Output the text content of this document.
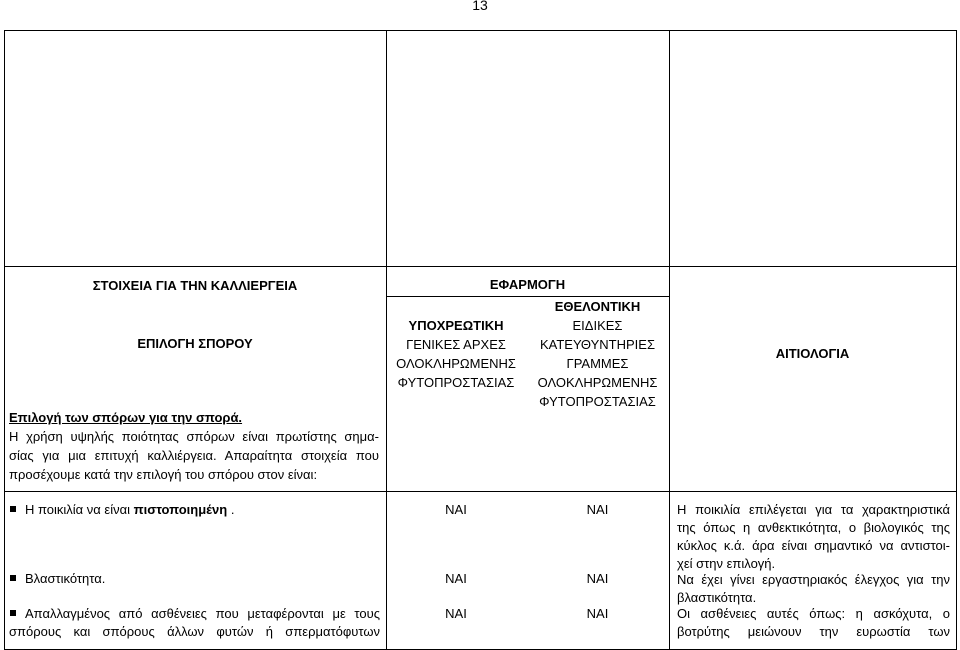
13
ΣΤΟΙΧΕΙΑ ΓΙΑ ΤΗΝ ΚΑΛΛΙΕΡΓΕΙΑ
ΕΠΙΛΟΓΗ ΣΠΟΡΟΥ
Επιλογή των σπόρων για την σπορά.
Η χρήση υψηλής ποιότητας σπόρων είναι πρωτίστης σημα-
σίας για μια επιτυχή καλλιέργεια. Απαραίτητα στοιχεία που
προσέχουμε κατά την επιλογή του σπόρου στον είναι:
ΕΦΑΡΜΟΓΗ
ΥΠΟΧΡΕΩΤΙΚΗ
ΓΕΝΙΚΕΣ ΑΡΧΕΣ
ΟΛΟΚΛΗΡΩΜΕΝΗΣ
ΦΥΤΟΠΡΟΣΤΑΣΙΑΣ
ΕΘΕΛΟΝΤΙΚΗ
ΕΙΔΙΚΕΣ
ΚΑΤΕΥΘΥΝΤΗΡΙΕΣ
ΓΡΑΜΜΕΣ
ΟΛΟΚΛΗΡΩΜΕΝΗΣ
ΦΥΤΟΠΡΟΣΤΑΣΙΑΣ
ΑΙΤΙΟΛΟΓΙΑ
Η ποικιλία να είναι πιστοποιημένη .	ΝΑΙ	ΝΑΙ	Η ποικιλία επιλέγεται για τα χαρακτηριστικά
της όπως η ανθεκτικότητα, ο βιολογικός της
κύκλος κ.ά. άρα είναι σημαντικό να αντιστοι-
χεί στην επιλογή.
Βλαστικότητα.	ΝΑΙ	ΝΑΙ	Να έχει γίνει εργαστηριακός έλεγχος για την
βλαστικότητα.
Απαλλαγμένος από ασθένειες που μεταφέρονται με τους
σπόρους και σπόρους άλλων φυτών ή σπερματόφυτων
ΝΑΙ	ΝΑΙ	Οι ασθένειες αυτές όπως: η ασκόχυτα, ο
βοτρύτης μειώνουν την ευρωστία των
